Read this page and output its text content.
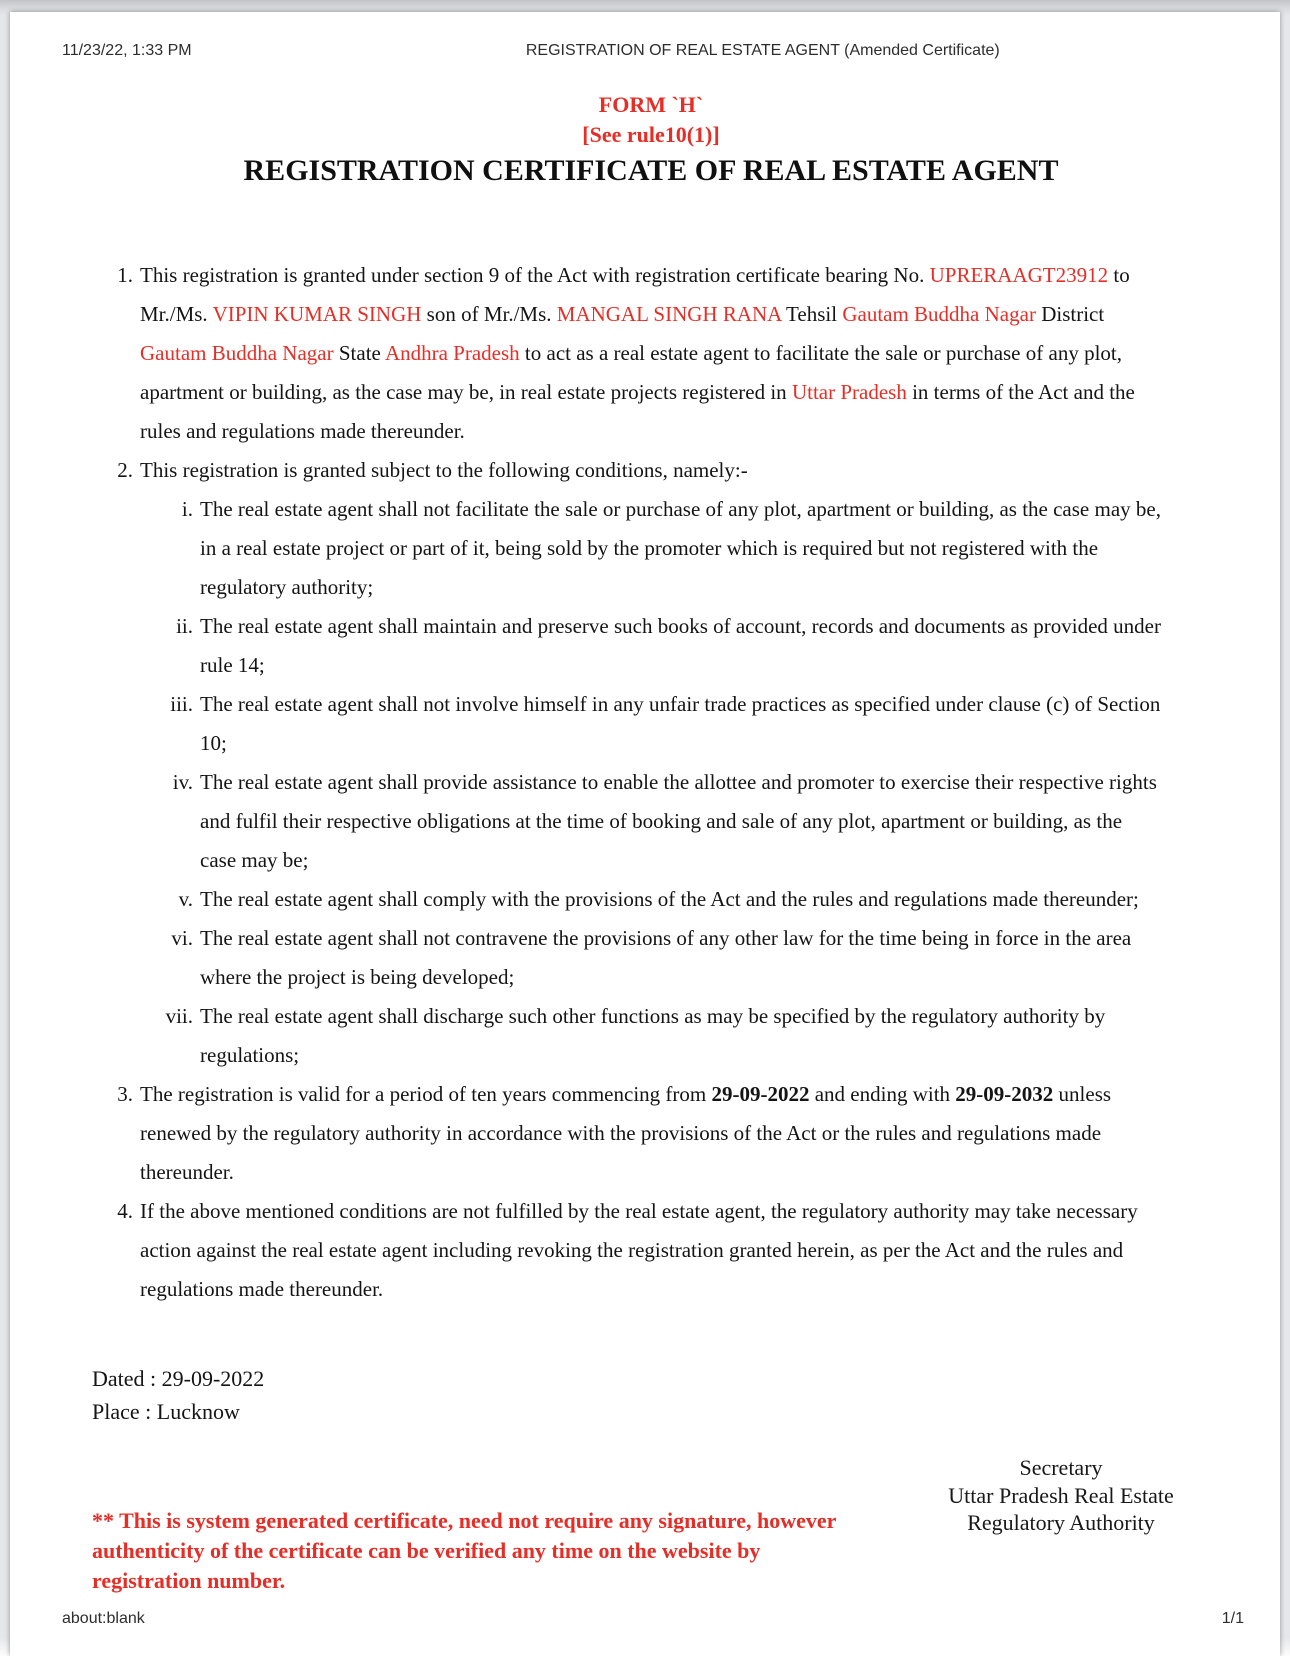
11/23/22, 1:33 PM	REGISTRATION OF REAL ESTATE AGENT (Amended Certificate)
FORM `H`
[See rule10(1)]
REGISTRATION CERTIFICATE OF REAL ESTATE AGENT
1. This registration is granted under section 9 of the Act with registration certificate bearing No. UPRERAAGT23912 to Mr./Ms. VIPIN KUMAR SINGH son of Mr./Ms. MANGAL SINGH RANA Tehsil Gautam Buddha Nagar District Gautam Buddha Nagar State Andhra Pradesh to act as a real estate agent to facilitate the sale or purchase of any plot, apartment or building, as the case may be, in real estate projects registered in Uttar Pradesh in terms of the Act and the rules and regulations made thereunder.
2. This registration is granted subject to the following conditions, namely:-
i. The real estate agent shall not facilitate the sale or purchase of any plot, apartment or building, as the case may be, in a real estate project or part of it, being sold by the promoter which is required but not registered with the regulatory authority;
ii. The real estate agent shall maintain and preserve such books of account, records and documents as provided under rule 14;
iii. The real estate agent shall not involve himself in any unfair trade practices as specified under clause (c) of Section 10;
iv. The real estate agent shall provide assistance to enable the allottee and promoter to exercise their respective rights and fulfil their respective obligations at the time of booking and sale of any plot, apartment or building, as the case may be;
v. The real estate agent shall comply with the provisions of the Act and the rules and regulations made thereunder;
vi. The real estate agent shall not contravene the provisions of any other law for the time being in force in the area where the project is being developed;
vii. The real estate agent shall discharge such other functions as may be specified by the regulatory authority by regulations;
3. The registration is valid for a period of ten years commencing from 29-09-2022 and ending with 29-09-2032 unless renewed by the regulatory authority in accordance with the provisions of the Act or the rules and regulations made thereunder.
4. If the above mentioned conditions are not fulfilled by the real estate agent, the regulatory authority may take necessary action against the real estate agent including revoking the registration granted herein, as per the Act and the rules and regulations made thereunder.
Dated : 29-09-2022
Place : Lucknow
Secretary
Uttar Pradesh Real Estate
Regulatory Authority
** This is system generated certificate, need not require any signature, however authenticity of the certificate can be verified any time on the website by registration number.
about:blank	1/1
